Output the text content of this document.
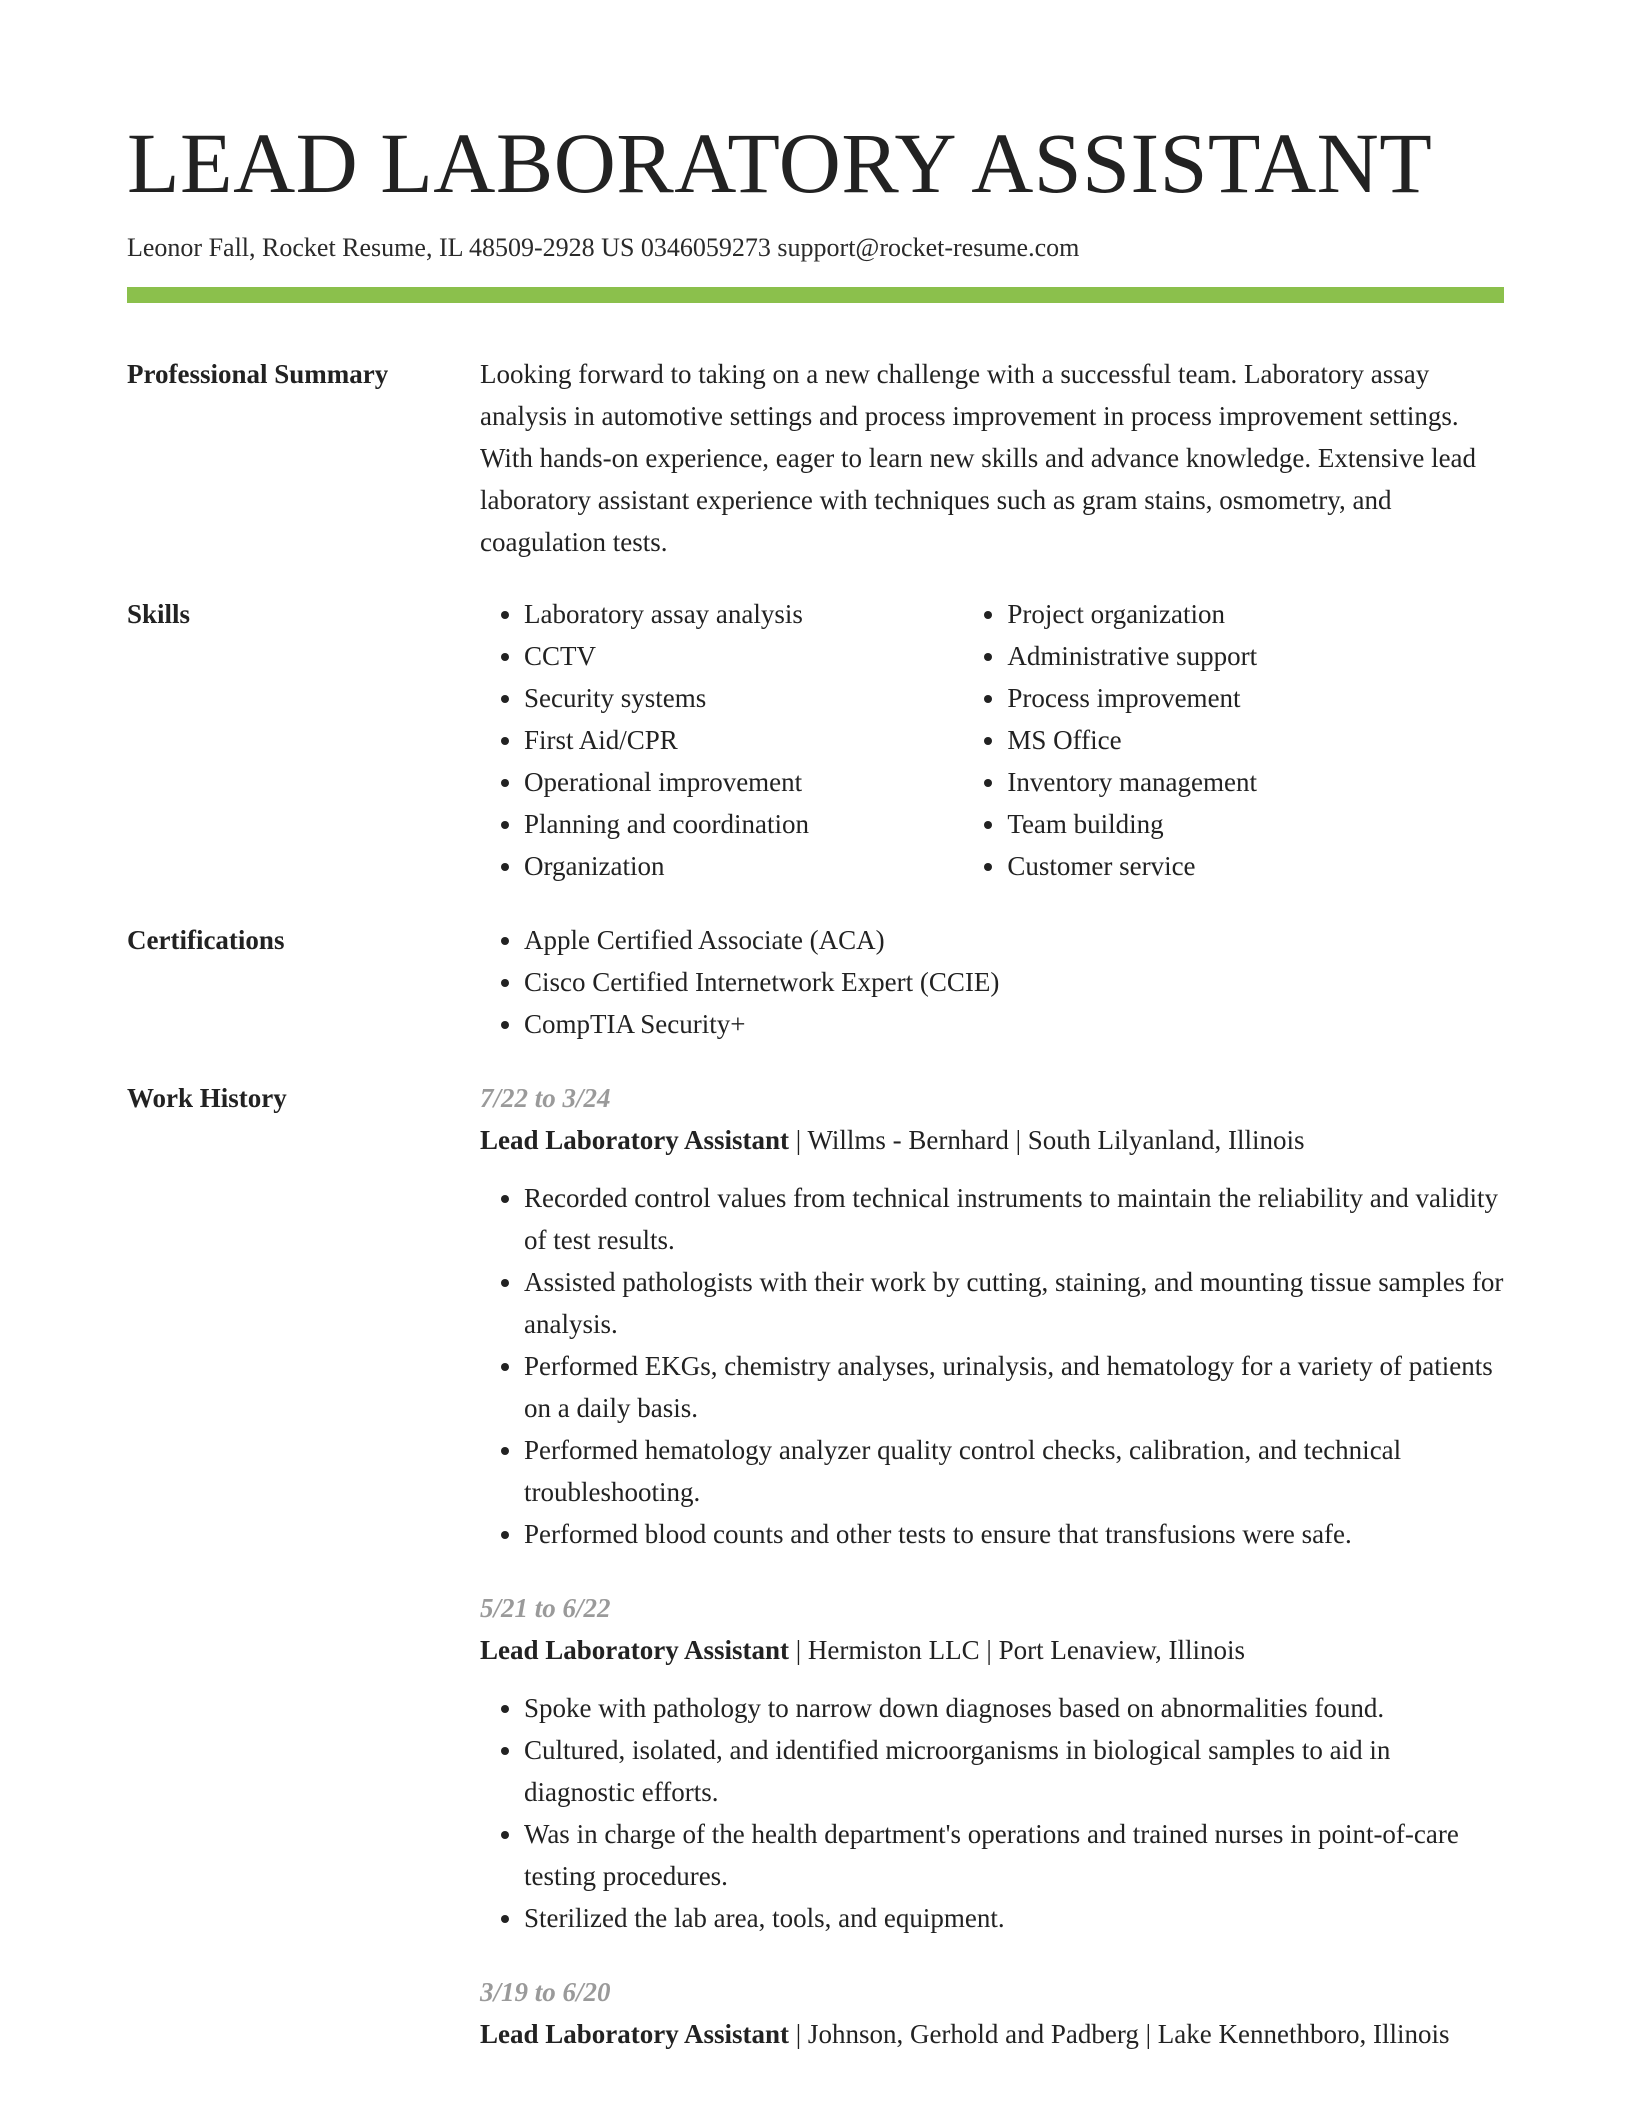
LEAD LABORATORY ASSISTANT
Leonor Fall, Rocket Resume, IL 48509-2928 US 0346059273 support@rocket-resume.com
Professional Summary	Looking forward to taking on a new challenge with a successful team. Laboratory assay analysis in automotive settings and process improvement in process improvement settings. With hands-on experience, eager to learn new skills and advance knowledge. Extensive lead laboratory assistant experience with techniques such as gram stains, osmometry, and coagulation tests.

Skills	• Laboratory assay analysis
• CCTV
• Security systems
• First Aid/CPR
• Operational improvement
• Planning and coordination
• Organization
• Project organization
• Administrative support
• Process improvement
• MS Office
• Inventory management
• Team building
• Customer service
Certifications	• Apple Certified Associate (ACA)
• Cisco Certified Internetwork Expert (CCIE)
• CompTIA Security+
Work History	7/22 to 3/24
Lead Laboratory Assistant | Willms - Bernhard | South Lilyanland, Illinois
• Recorded control values from technical instruments to maintain the reliability and validity of test results.
• Assisted pathologists with their work by cutting, staining, and mounting tissue samples for analysis.
• Performed EKGs, chemistry analyses, urinalysis, and hematology for a variety of patients on a daily basis.
• Performed hematology analyzer quality control checks, calibration, and technical troubleshooting.
• Performed blood counts and other tests to ensure that transfusions were safe.
5/21 to 6/22
Lead Laboratory Assistant | Hermiston LLC | Port Lenaview, Illinois
• Spoke with pathology to narrow down diagnoses based on abnormalities found.
• Cultured, isolated, and identified microorganisms in biological samples to aid in diagnostic efforts.
• Was in charge of the health department's operations and trained nurses in point-of-care testing procedures.
• Sterilized the lab area, tools, and equipment.
3/19 to 6/20
Lead Laboratory Assistant | Johnson, Gerhold and Padberg | Lake Kennethboro, Illinois
